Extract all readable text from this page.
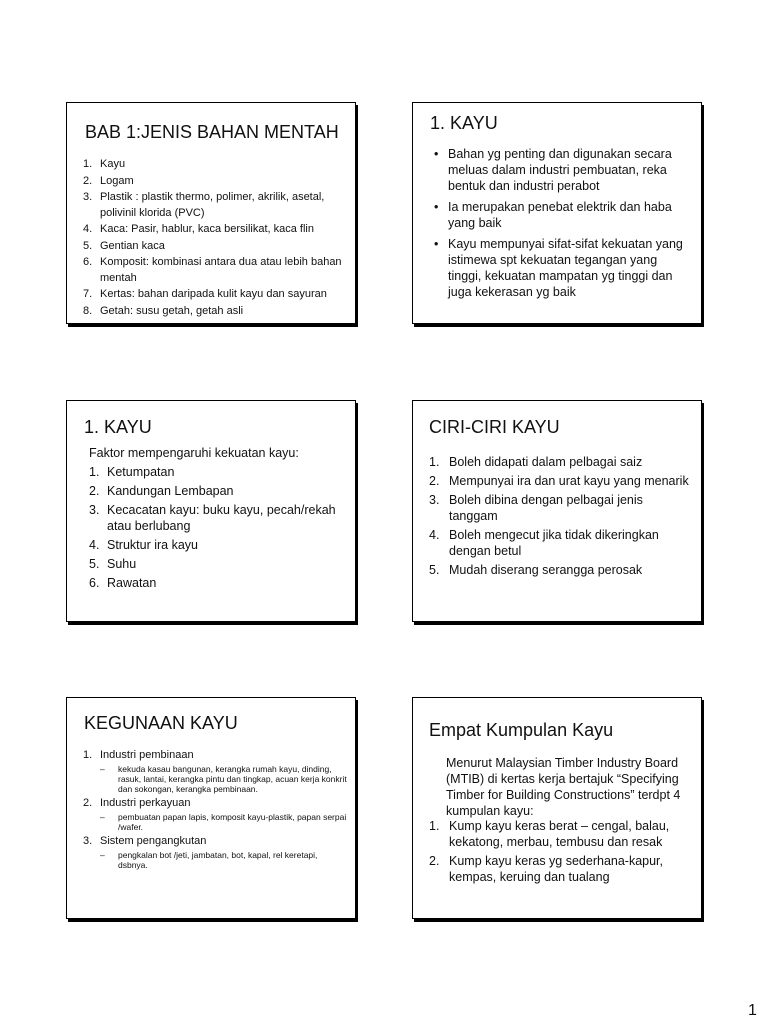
BAB 1:JENIS BAHAN MENTAH
1. Kayu
2. Logam
3. Plastik : plastik thermo, polimer, akrilik, asetal, polivinil klorida (PVC)
4. Kaca: Pasir, hablur, kaca bersilikat, kaca flin
5. Gentian kaca
6. Komposit: kombinasi antara dua atau lebih bahan mentah
7. Kertas: bahan daripada kulit kayu dan sayuran
8. Getah: susu getah, getah asli
1. KAYU
• Bahan yg penting dan digunakan secara meluas dalam industri pembuatan, reka bentuk dan industri perabot
• Ia merupakan penebat elektrik dan haba yang baik
• Kayu mempunyai sifat-sifat kekuatan yang istimewa spt kekuatan tegangan yang tinggi, kekuatan mampatan yg tinggi dan juga kekerasan yg baik
1. KAYU
Faktor mempengaruhi kekuatan kayu:
1. Ketumpatan
2. Kandungan Lembapan
3. Kecacatan kayu: buku kayu, pecah/rekah atau berlubang
4. Struktur ira kayu
5. Suhu
6. Rawatan
CIRI-CIRI KAYU
1. Boleh didapati dalam pelbagai saiz
2. Mempunyai ira dan urat kayu yang menarik
3. Boleh dibina dengan pelbagai jenis tanggam
4. Boleh mengecut jika tidak dikeringkan dengan betul
5. Mudah diserang serangga perosak
KEGUNAAN KAYU
1. Industri pembinaan
– kekuda kasau bangunan, kerangka rumah kayu, dinding, rasuk, lantai, kerangka pintu dan tingkap, acuan kerja konkrit dan sokongan, kerangka pembinaan.
2. Industri perkayuan
– pembuatan papan lapis, komposit kayu-plastik, papan serpai /wafer.
3. Sistem pengangkutan
– pengkalan bot /jeti, jambatan, bot, kapal, rel keretapi, dsbnya.
Empat Kumpulan Kayu
Menurut Malaysian Timber Industry Board (MTIB) di kertas kerja bertajuk “Specifying Timber for Building Constructions” terdpt 4 kumpulan kayu:
1. Kump kayu keras berat – cengal, balau, kekatong, merbau, tembusu dan resak
2. Kump kayu keras yg sederhana-kapur, kempas, keruing dan tualang
1
